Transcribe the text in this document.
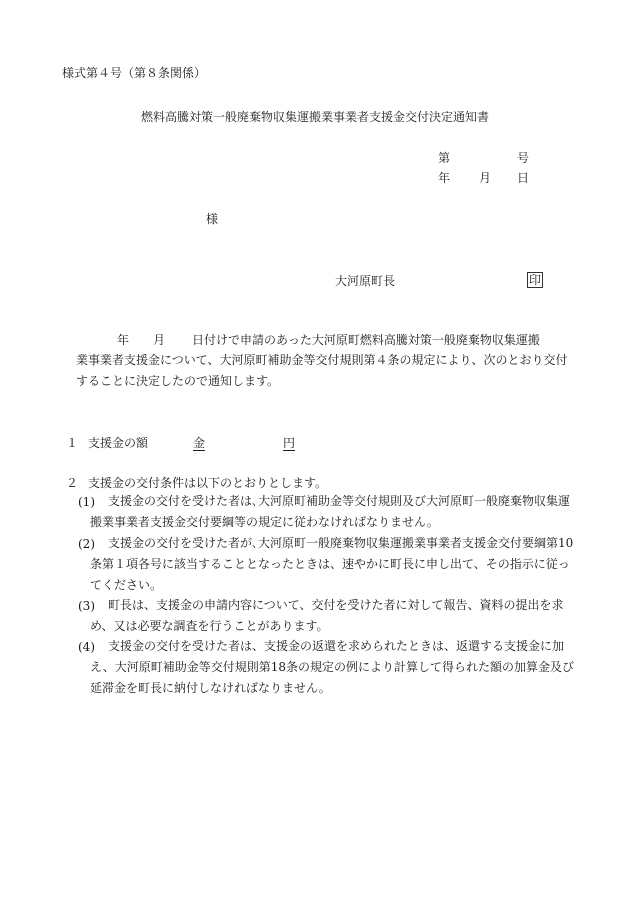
様式第４号（第８条関係）
燃料高騰対策一般廃棄物収集運搬業事業者支援金交付決定通知書
第	号
年 月 日
様
大河原町長	印
年 月 日付けで申請のあった大河原町燃料高騰対策一般廃棄物収集運搬
業事業者支援金について、大河原町補助金等交付規則第４条の規定により、次のとおり交付することに決定したので通知します。
１ 支援金の額	金	円
２ 支援金の交付条件は以下のとおりとします。
(1)	支援金の交付を受けた者は､大河原町補助金等交付規則及び大河原町一般廃棄物収集運搬業事業者支援金交付要綱等の規定に従わなければなりません。
(2)	支援金の交付を受けた者が､大河原町一般廃棄物収集運搬業事業者支援金交付要綱第10条第１項各号に該当することとなったときは、速やかに町長に申し出て、その指示に従ってください。
(3)	町長は、支援金の申請内容について、交付を受けた者に対して報告、資料の提出を求め、又は必要な調査を行うことがあります。
(4)	支援金の交付を受けた者は、支援金の返還を求められたときは、返還する支援金に加え、大河原町補助金等交付規則第18条の規定の例により計算して得られた額の加算金及び延滞金を町長に納付しなければなりません。
